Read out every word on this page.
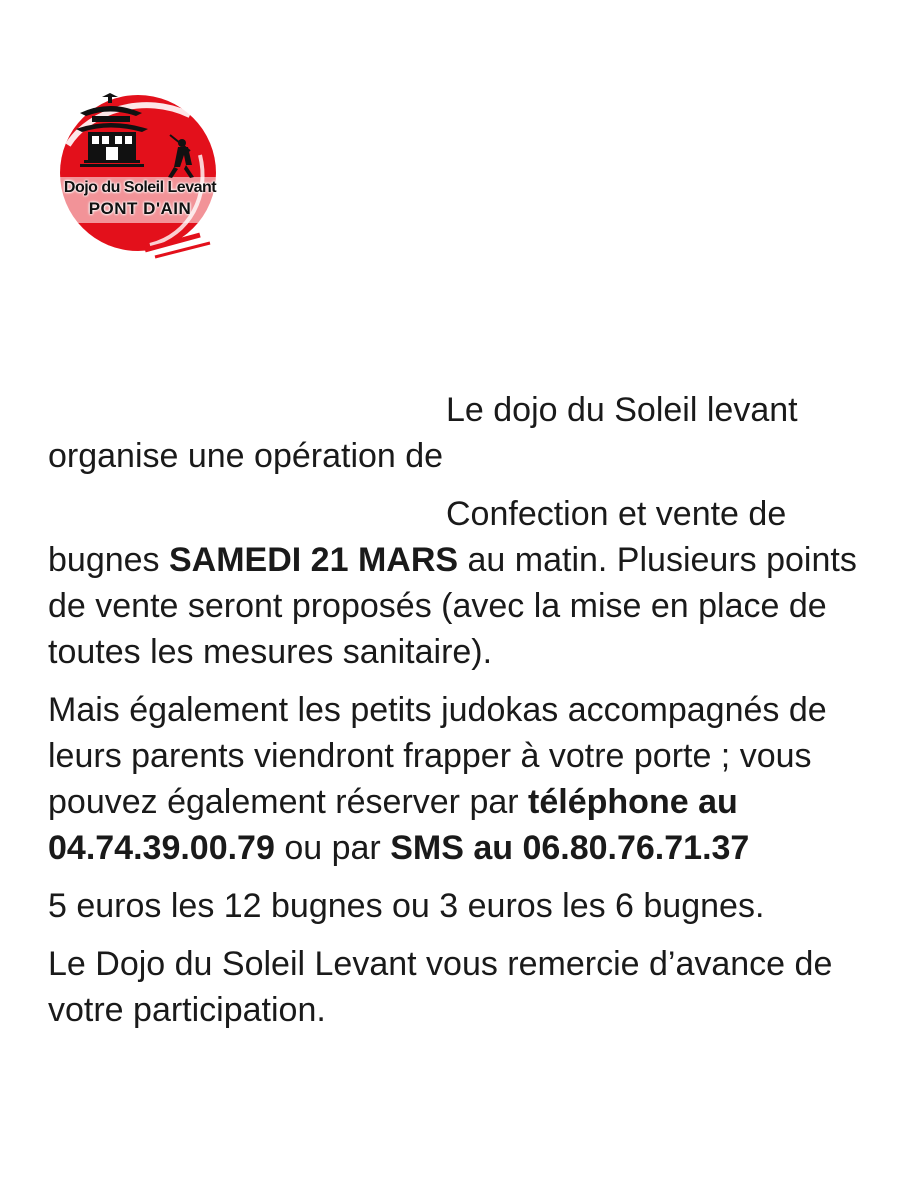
Dojo du Soleil Levant
PONT D'AIN

Le dojo du Soleil levant
organise une opération de

Confection et vente de
bugnes SAMEDI 21 MARS au matin. Plusieurs points de vente seront proposés (avec la mise en place de toutes les mesures sanitaire).

Mais également les petits judokas accompagnés de leurs parents viendront frapper à votre porte ; vous pouvez également réserver par téléphone au 04.74.39.00.79 ou par SMS au 06.80.76.71.37

5 euros les 12 bugnes ou 3 euros les 6 bugnes.

Le Dojo du Soleil Levant vous remercie d’avance de votre participation.
